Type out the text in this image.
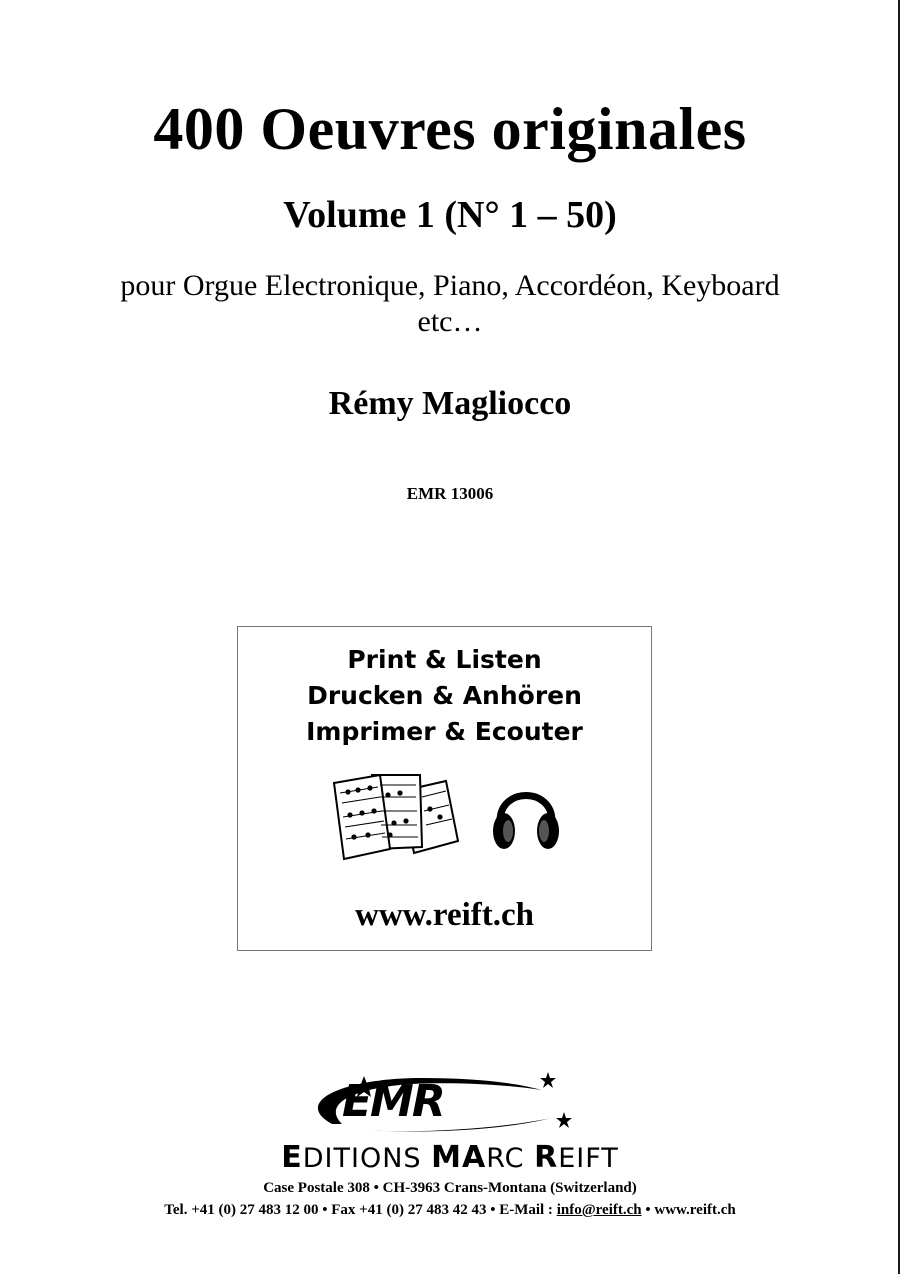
400 Oeuvres originales
Volume 1 (N° 1 – 50)
pour Orgue Electronique, Piano, Accordéon, Keyboard
etc…
Rémy Magliocco
EMR 13006
Print & Listen
Drucken & Anhören
Imprimer & Ecouter
www.reift.ch
EMR
EDITIONS MARC REIFT
Case Postale 308 • CH-3963 Crans-Montana (Switzerland)
Tel. +41 (0) 27 483 12 00 • Fax +41 (0) 27 483 42 43 • E-Mail : info@reift.ch • www.reift.ch
